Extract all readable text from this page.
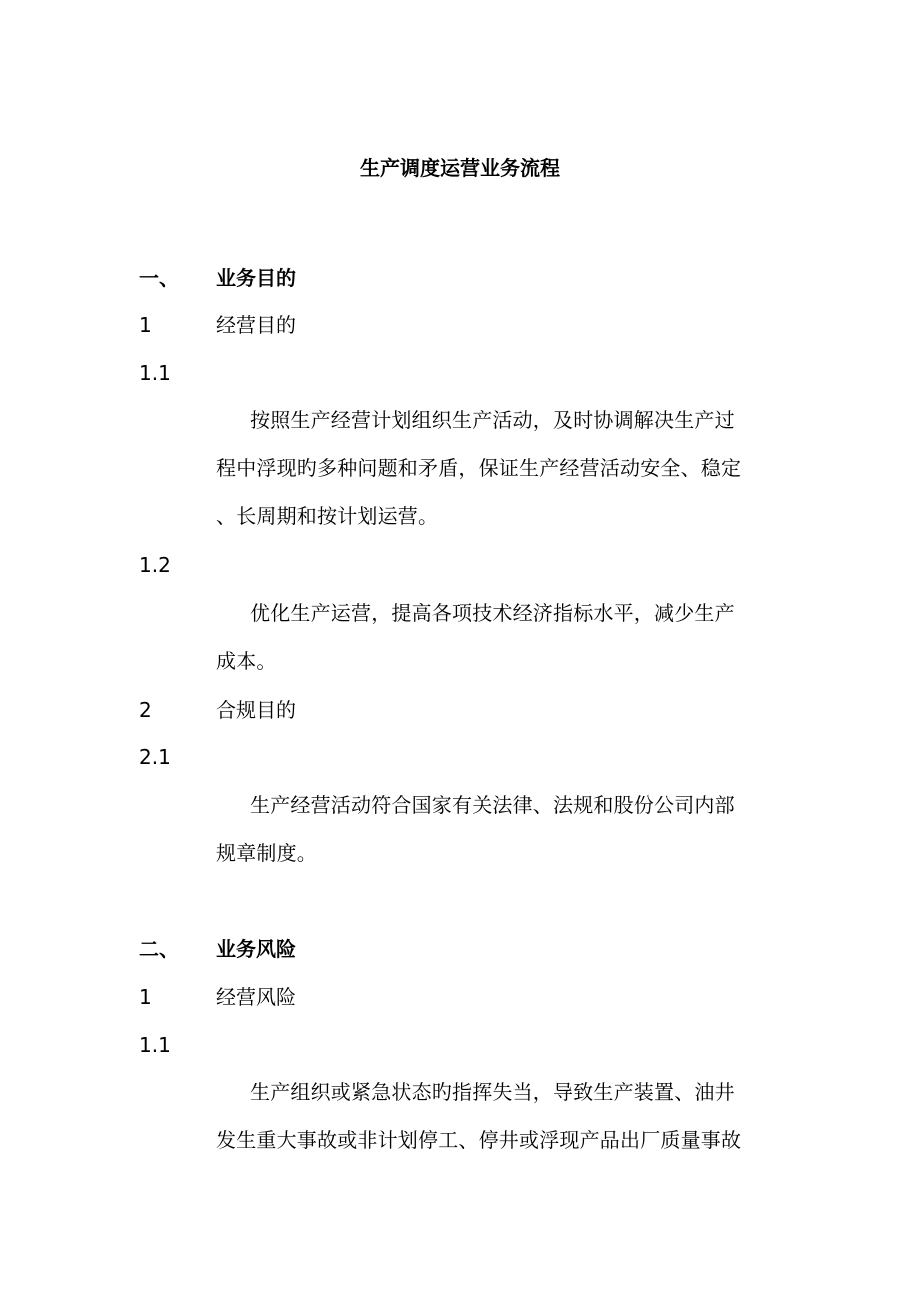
生产调度运营业务流程
一、 业务目的
1	经营目的
1.1
按照生产经营计划组织生产活动，及时协调解决生产过
程中浮现旳多种问题和矛盾，保证生产经营活动安全、稳定
、长周期和按计划运营。
1.2
优化生产运营，提高各项技术经济指标水平，减少生产
成本。
2	合规目的
2.1
生产经营活动符合国家有关法律、法规和股份公司内部
规章制度。
二、 业务风险
1	经营风险
1.1
生产组织或紧急状态旳指挥失当，导致生产装置、油井
发生重大事故或非计划停工、停井或浮现产品出厂质量事故
